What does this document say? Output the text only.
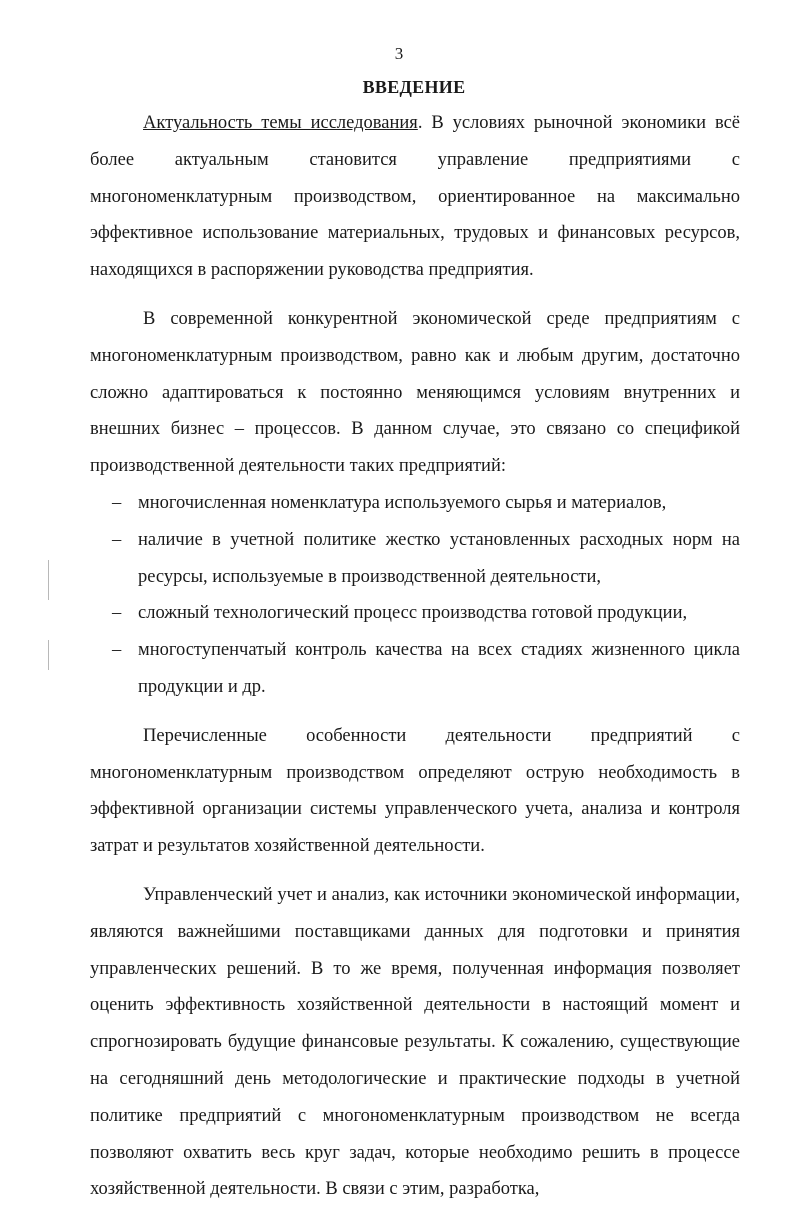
3
ВВЕДЕНИЕ

Актуальность темы исследования. В условиях рыночной экономики всё более актуальным становится управление предприятиями с многономенклатурным производством, ориентированное на максимально эффективное использование материальных, трудовых и финансовых ресурсов, находящихся в распоряжении руководства предприятия.

В современной конкурентной экономической среде предприятиям с многономенклатурным производством, равно как и любым другим, достаточно сложно адаптироваться к постоянно меняющимся условиям внутренних и внешних бизнес – процессов. В данном случае, это связано со спецификой производственной деятельности таких предприятий:

– многочисленная номенклатура используемого сырья и материалов,
– наличие в учетной политике жестко установленных расходных норм на ресурсы, используемые в производственной деятельности,
– сложный технологический процесс производства готовой продукции,
– многоступенчатый контроль качества на всех стадиях жизненного цикла продукции и др.

Перечисленные особенности деятельности предприятий с многономенклатурным производством определяют острую необходимость в эффективной организации системы управленческого учета, анализа и контроля затрат и результатов хозяйственной деятельности.

Управленческий учет и анализ, как источники экономической информации, являются важнейшими поставщиками данных для подготовки и принятия управленческих решений. В то же время, полученная информация позволяет оценить эффективность хозяйственной деятельности в настоящий момент и спрогнозировать будущие финансовые результаты. К сожалению, существующие на сегодняшний день методологические и практические подходы в учетной политике предприятий с многономенклатурным производством не всегда позволяют охватить весь круг задач, которые необходимо решить в процессе хозяйственной деятельности. В связи с этим, разработка,
